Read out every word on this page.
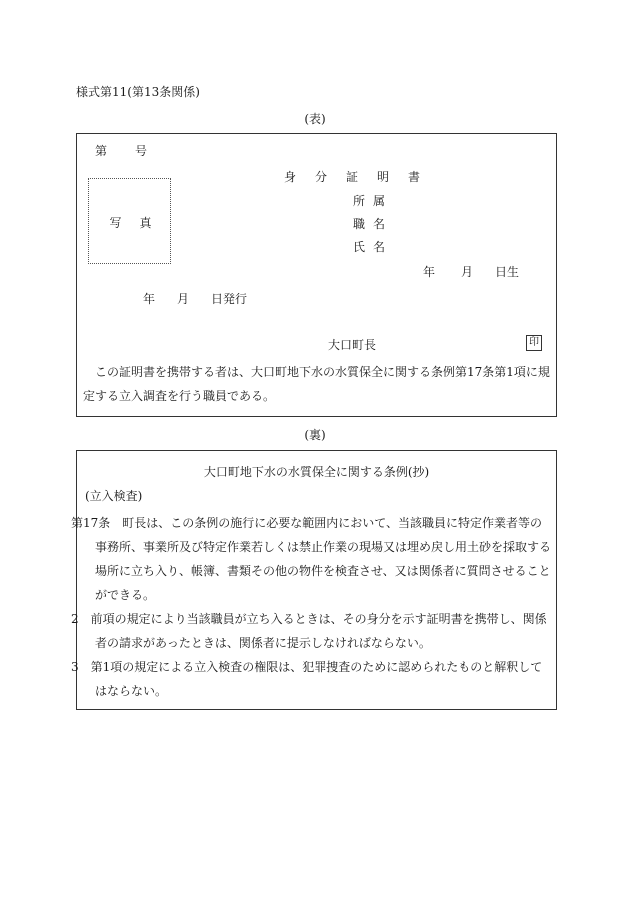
様式第11(第13条関係)
(表)
第 号
写真
身分証明書
所属
職名
氏名
年 月 日生
年 月 日発行
大口町長	印
この証明書を携帯する者は、大口町地下水の水質保全に関する条例第17条第1項に規定する立入調査を行う職員である。
(裏)
大口町地下水の水質保全に関する条例(抄)
(立入検査)
第17条　町長は、この条例の施行に必要な範囲内において、当該職員に特定作業者等の事務所、事業所及び特定作業若しくは禁止作業の現場又は埋め戻し用土砂を採取する場所に立ち入り、帳簿、書類その他の物件を検査させ、又は関係者に質問させることができる。
2　前項の規定により当該職員が立ち入るときは、その身分を示す証明書を携帯し、関係者の請求があったときは、関係者に提示しなければならない。
3　第1項の規定による立入検査の権限は、犯罪捜査のために認められたものと解釈してはならない。
